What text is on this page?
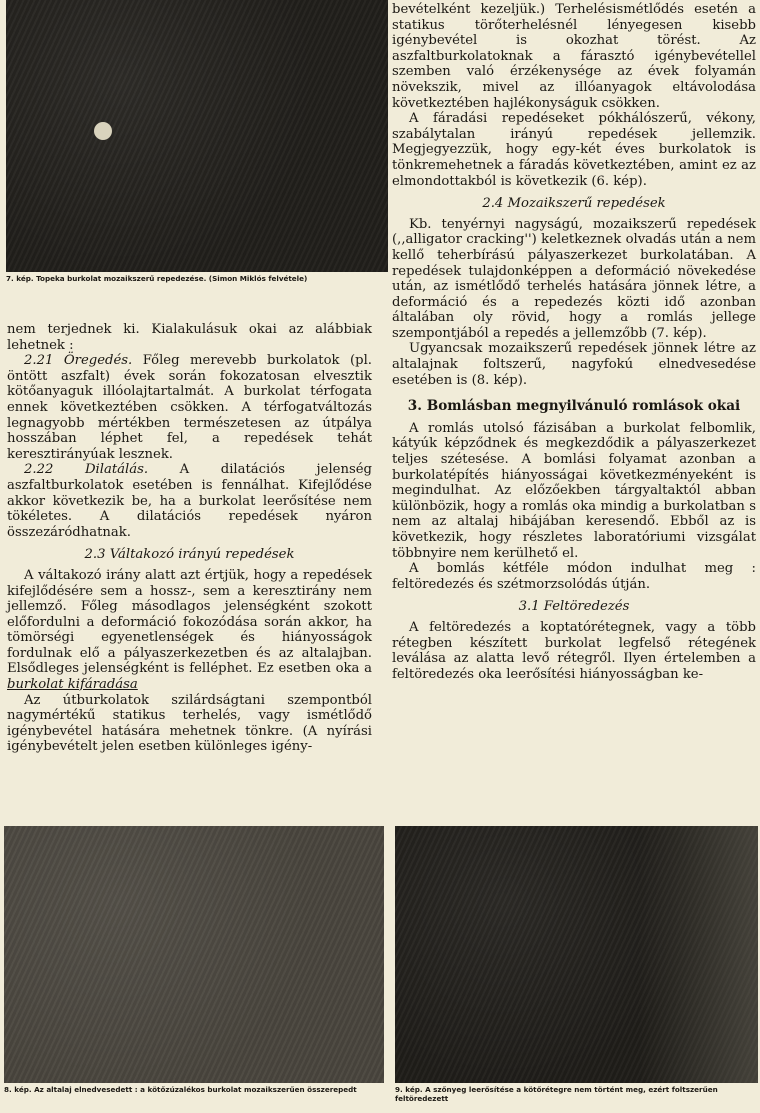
7. kép. Topeka burkolat mozaikszerű repedezése. (Simon Miklós felvétele)

nem terjednek ki. Kialakulásuk okai az alábbiak lehetnek :

2.21 Öregedés. Főleg merevebb burkolatok (pl. öntött aszfalt) évek során fokozatosan elvesztik kötőanyaguk illóolajtartalmát. A burkolat térfogata ennek következtében csökken. A térfogatváltozás legnagyobb mértékben természetesen az útpálya hosszában léphet fel, a repedések tehát keresztirányúak lesznek.

2.22 Dilatálás. A dilatációs jelenség aszfaltburkolatok esetében is fennálhat. Kifejlődése akkor következik be, ha a burkolat leerősítése nem tökéletes. A dilatációs repedések nyáron összezáródhatnak.

2.3 Váltakozó irányú repedések

A váltakozó irány alatt azt értjük, hogy a repedések kifejlődésére sem a hossz-, sem a keresztirány nem jellemző. Főleg másodlagos jelenségként szokott előfordulni a deformáció fokozódása során akkor, ha tömörségi egyenetlenségek és hiányosságok fordulnak elő a pályaszerkezetben és az altalajban. Elsődleges jelenségként is felléphet. Ez esetben oka a burkolat kifáradása

Az útburkolatok szilárdságtani szempontból nagymértékű statikus terhelés, vagy ismétlődő igénybevétel hatására mehetnek tönkre. (A nyírási igénybevételt jelen esetben különleges igény-

bevételként kezeljük.) Terhelésismétlődés esetén a statikus törőterhelésnél lényegesen kisebb igénybevétel is okozhat törést. Az aszfaltburkolatoknak a fárasztó igénybevétellel szemben való érzékenysége az évek folyamán növekszik, mivel az illóanyagok eltávolodása következtében hajlékonyságuk csökken.

A fáradási repedéseket pókhálószerű, vékony, szabálytalan irányú repedések jellemzik. Megjegyezzük, hogy egy-két éves burkolatok is tönkremehetnek a fáradás következtében, amint ez az elmondottakból is következik (6. kép).

2.4 Mozaikszerű repedések

Kb. tenyérnyi nagyságú, mozaikszerű repedések (,,alligator cracking'') keletkeznek olvadás után a nem kellő teherbírású pályaszerkezet burkolatában. A repedések tulajdonképpen a deformáció növekedése után, az ismétlődő terhelés hatására jönnek létre, a deformáció és a repedezés közti idő azonban általában oly rövid, hogy a romlás jellege szempontjából a repedés a jellemzőbb (7. kép).

Ugyancsak mozaikszerű repedések jönnek létre az altalajnak foltszerű, nagyfokú elnedvesedése esetében is (8. kép).

3. Bomlásban megnyilvánuló romlások okai

A romlás utolsó fázisában a burkolat felbomlik, kátyúk képződnek és megkezdődik a pályaszerkezet teljes szétesése. A bomlási folyamat azonban a burkolatépítés hiányosságai következményeként is megindulhat. Az előzőekben tárgyaltaktól abban különbözik, hogy a romlás oka mindig a burkolatban s nem az altalaj hibájában keresendő. Ebből az is következik, hogy részletes laboratóriumi vizsgálat többnyire nem kerülhető el.

A bomlás kétféle módon indulhat meg : feltöredezés és szétmorzsolódás útján.

3.1 Feltöredezés

A feltöredezés a koptatórétegnek, vagy a több rétegben készített burkolat legfelső rétegének leválása az alatta levő rétegről. Ilyen értelemben a feltöredezés oka leerősítési hiányosságban ke-

8. kép. Az altalaj elnedvesedett : a kötőzúzalékos burkolat mozaikszerűen összerepedt	9. kép. A szőnyeg leerősítése a kötőrétegre nem történt meg, ezért foltszerűen feltöredezett
